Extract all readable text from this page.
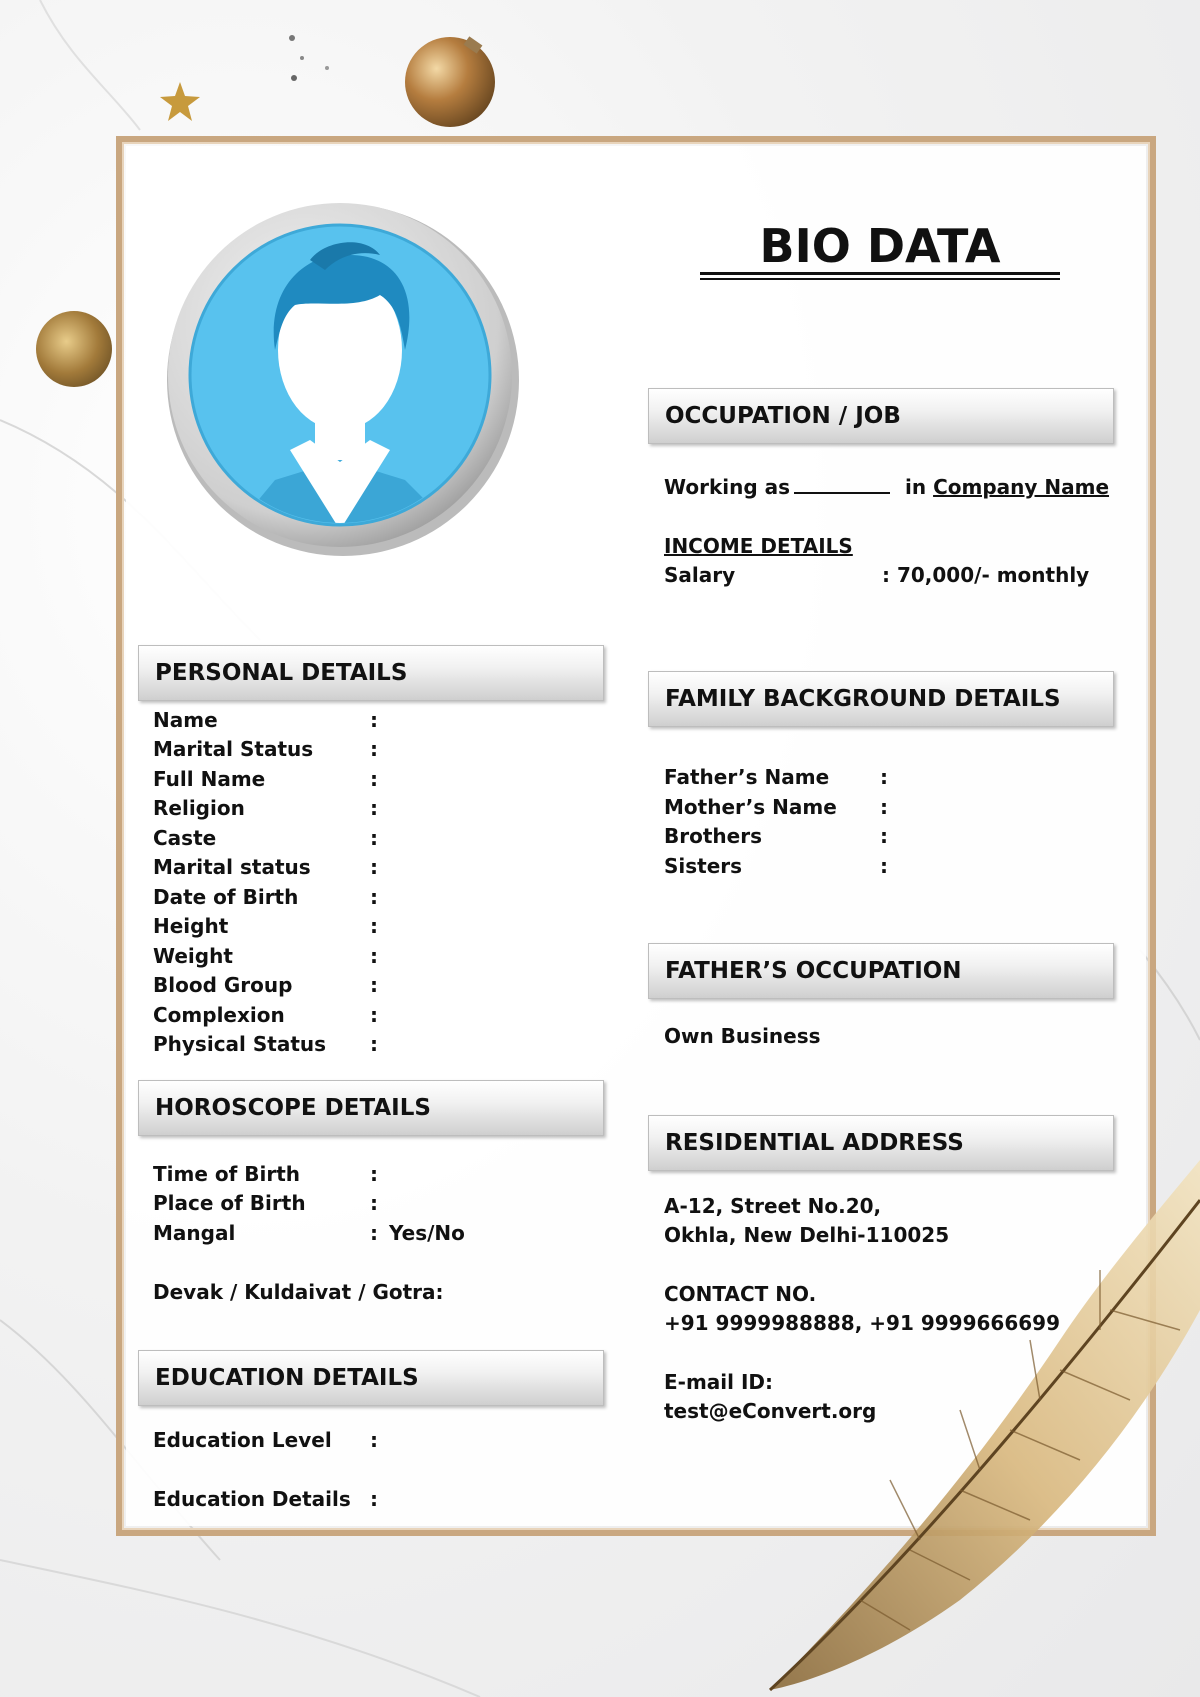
BIO DATA
OCCUPATION / JOB
Working as	in Company Name
INCOME DETAILS
Salary	: 70,000/- monthly
PERSONAL DETAILS
Name	:
Marital Status	:
Full Name	:
Religion	:
Caste	:
Marital status	:
Date of Birth	:
Height	:
Weight	:
Blood Group	:
Complexion	:
Physical Status :
FAMILY BACKGROUND DETAILS
Father’s Name	:
Mother’s Name :
Brothers	:
Sisters	:
FATHER’S OCCUPATION
Own Business
HOROSCOPE DETAILS
Time of Birth	:
Place of Birth	:
Mangal	: Yes/No
Devak / Kuldaivat / Gotra:
RESIDENTIAL ADDRESS
A-12, Street No.20,
Okhla, New Delhi-110025
CONTACT NO.
+91 9999988888, +91 9999666699
E-mail ID:
test@eConvert.org
EDUCATION DETAILS
Education Level :
Education Details :
